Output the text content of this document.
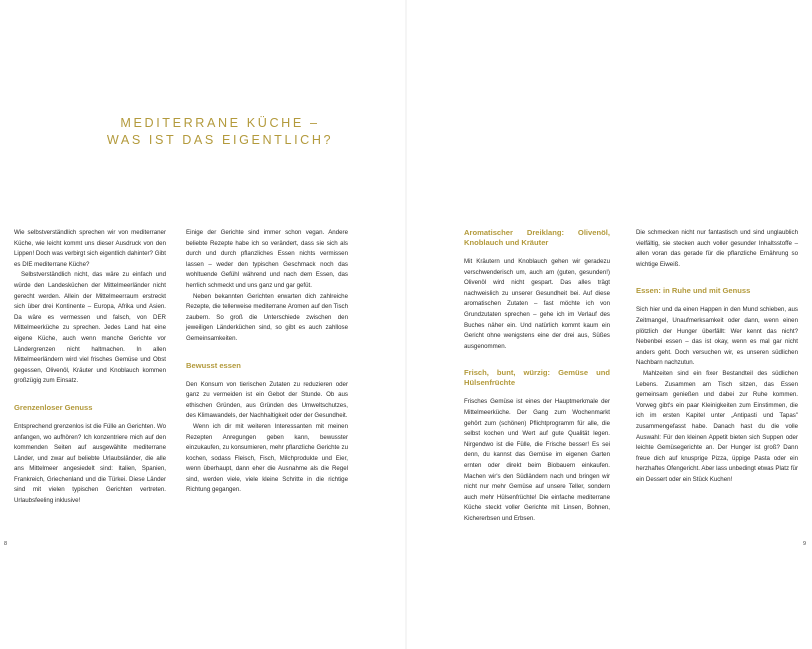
MEDITERRANE KÜCHE –
WAS IST DAS EIGENTLICH?

Wie selbstverständlich sprechen wir von mediterraner Küche, wie leicht kommt uns dieser Ausdruck von den Lippen! Doch was verbirgt sich eigentlich dahinter? Gibt es DIE mediterrane Küche?

Selbstverständlich nicht, das wäre zu einfach und würde den Landesküchen der Mittelmeerländer nicht gerecht werden. Allein der Mittelmeerraum erstreckt sich über drei Kontinente – Europa, Afrika und Asien. Da wäre es vermessen und falsch, von DER Mittelmeerküche zu sprechen. Jedes Land hat eine eigene Küche, auch wenn manche Gerichte vor Ländergrenzen nicht haltmachen. In allen Mittelmeerländern wird viel frisches Gemüse und Obst gegessen, Olivenöl, Kräuter und Knoblauch kommen großzügig zum Einsatz.

Grenzenloser Genuss

Entsprechend grenzenlos ist die Fülle an Gerichten. Wo anfangen, wo aufhören? Ich konzentriere mich auf den kommenden Seiten auf ausgewählte mediterrane Länder, und zwar auf beliebte Urlaubsländer, die alle ans Mittelmeer angesiedelt sind: Italien, Spanien, Frankreich, Griechenland und die Türkei. Diese Länder sind mit vielen typischen Gerichten vertreten. Urlaubsfeeling inklusive!

Einige der Gerichte sind immer schon vegan. Andere beliebte Rezepte habe ich so verändert, dass sie sich als durch und durch pflanzliches Essen nichts vermissen lassen – weder den typischen Geschmack noch das wohltuende Gefühl während und nach dem Essen, das herrlich schmeckt und uns ganz und gar gefüt.

Neben bekannten Gerichten erwarten dich zahlreiche Rezepte, die tellerweise mediterrane Aromen auf den Tisch zaubern. So groß die Unterschiede zwischen den jeweiligen Länderküchen sind, so gibt es auch zahllose Gemeinsamkeiten.

Bewusst essen

Den Konsum von tierischen Zutaten zu reduzieren oder ganz zu vermeiden ist ein Gebot der Stunde. Ob aus ethischen Gründen, aus Gründen des Umweltschutzes, des Klimawandels, der Nachhaltigkeit oder der Gesundheit.

Wenn ich dir mit weiteren Interessanten mit meinen Rezepten Anregungen geben kann, bewusster einzukaufen, zu konsumieren, mehr pflanzliche Gerichte zu kochen, sodass Fleisch, Fisch, Milchprodukte und Eier, wenn überhaupt, dann eher die Ausnahme als die Regel sind, werden viele, viele kleine Schritte in die richtige Richtung gegangen.

Aromatischer Dreiklang: Olivenöl, Knoblauch und Kräuter

Mit Kräutern und Knoblauch gehen wir geradezu verschwenderisch um, auch am (guten, gesunden!) Olivenöl wird nicht gespart. Das alles trägt nachweislich zu unserer Gesundheit bei. Auf diese aromatischen Zutaten – fast möchte ich von Grundzutaten sprechen – gehe ich im Verlauf des Buches näher ein. Und natürlich kommt kaum ein Gericht ohne wenigstens eine der drei aus, Süßes ausgenommen.

Frisch, bunt, würzig: Gemüse und Hülsenfrüchte

Frisches Gemüse ist eines der Hauptmerkmale der Mittelmeerküche. Der Gang zum Wochenmarkt gehört zum (schönen) Pflichtprogramm für alle, die selbst kochen und Wert auf gute Qualität legen. Nirgendwo ist die Fülle, die Frische besser! Es sei denn, du kannst das Gemüse im eigenen Garten ernten oder direkt beim Biobauern einkaufen. Machen wir's den Südländern nach und bringen wir nicht nur mehr Gemüse auf unsere Teller, sondern auch mehr Hülsenfrüchte! Die einfache mediterrane Küche steckt voller Gerichte mit Linsen, Bohnen, Kichererbsen und Erbsen.

Die schmecken nicht nur fantastisch und sind unglaublich vielfältig, sie stecken auch voller gesunder Inhaltsstoffe – allen voran das gerade für die pflanzliche Ernährung so wichtige Eiweiß.

Essen: in Ruhe und mit Genuss

Sich hier und da einen Happen in den Mund schieben, aus Zeitmangel, Unaufmerksamkeit oder dann, wenn einen plötzlich der Hunger überfällt: Wer kennt das nicht? Nebenbei essen – das ist okay, wenn es mal gar nicht anders geht. Doch versuchen wir, es unseren südlichen Nachbarn nachzutun.

Mahlzeiten sind ein fixer Bestandteil des südlichen Lebens. Zusammen am Tisch sitzen, das Essen gemeinsam genießen und dabei zur Ruhe kommen. Vorweg gibt's ein paar Kleinigkeiten zum Einstimmen, die ich im ersten Kapitel unter „Antipasti und Tapas" zusammengefasst habe. Danach hast du die volle Auswahl: Für den kleinen Appetit bieten sich Suppen oder leichte Gemüsegerichte an. Der Hunger ist groß? Dann freue dich auf knusprige Pizza, üppige Pasta oder ein herzhaftes Ofengericht. Aber lass unbedingt etwas Platz für ein Dessert oder ein Stück Kuchen!

8	9
